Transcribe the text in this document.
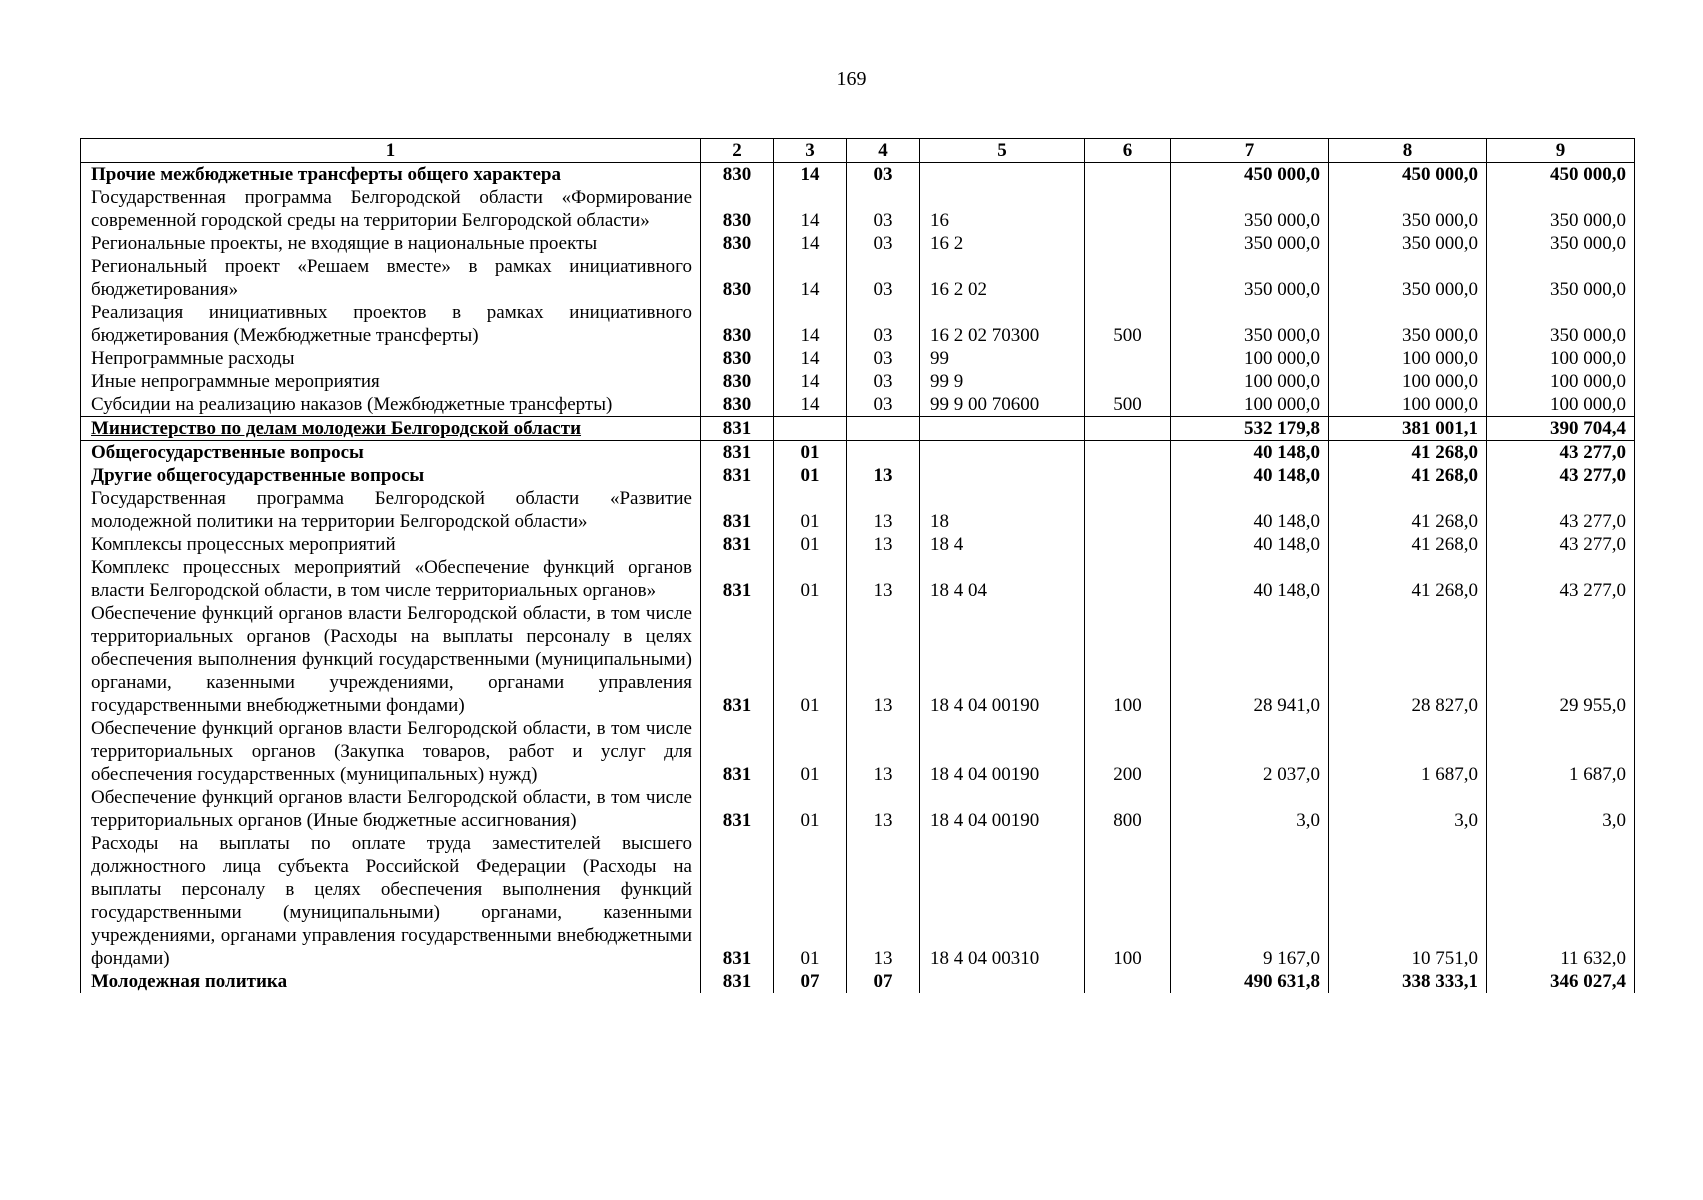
169
1	2	3	4	5	6	7	8	9
Прочие межбюджетные трансферты общего характера	830	14	03			450 000,0	450 000,0	450 000,0
Государственная программа Белгородской области «Формирование современной городской среды на территории Белгородской области»	830	14	03	16		350 000,0	350 000,0	350 000,0
Региональные проекты, не входящие в национальные проекты	830	14	03	16 2		350 000,0	350 000,0	350 000,0
Региональный проект «Решаем вместе» в рамках инициативного бюджетирования»	830	14	03	16 2 02		350 000,0	350 000,0	350 000,0
Реализация инициативных проектов в рамках инициативного бюджетирования (Межбюджетные трансферты)	830	14	03	16 2 02 70300	500	350 000,0	350 000,0	350 000,0
Непрограммные расходы	830	14	03	99		100 000,0	100 000,0	100 000,0
Иные непрограммные мероприятия	830	14	03	99 9		100 000,0	100 000,0	100 000,0
Субсидии на реализацию наказов (Межбюджетные трансферты)	830	14	03	99 9 00 70600	500	100 000,0	100 000,0	100 000,0
Министерство по делам молодежи Белгородской области	831					532 179,8	381 001,1	390 704,4
Общегосударственные вопросы	831	01				40 148,0	41 268,0	43 277,0
Другие общегосударственные вопросы	831	01	13			40 148,0	41 268,0	43 277,0
Государственная программа Белгородской области «Развитие молодежной политики на территории Белгородской области»	831	01	13	18		40 148,0	41 268,0	43 277,0
Комплексы процессных мероприятий	831	01	13	18 4		40 148,0	41 268,0	43 277,0
Комплекс процессных мероприятий «Обеспечение функций органов власти Белгородской области, в том числе территориальных органов»	831	01	13	18 4 04		40 148,0	41 268,0	43 277,0
Обеспечение функций органов власти Белгородской области, в том числе территориальных органов (Расходы на выплаты персоналу в целях обеспечения выполнения функций государственными (муниципальными) органами, казенными учреждениями, органами управления государственными внебюджетными фондами)	831	01	13	18 4 04 00190	100	28 941,0	28 827,0	29 955,0
Обеспечение функций органов власти Белгородской области, в том числе территориальных органов (Закупка товаров, работ и услуг для обеспечения государственных (муниципальных) нужд)	831	01	13	18 4 04 00190	200	2 037,0	1 687,0	1 687,0
Обеспечение функций органов власти Белгородской области, в том числе территориальных органов (Иные бюджетные ассигнования)	831	01	13	18 4 04 00190	800	3,0	3,0	3,0
Расходы на выплаты по оплате труда заместителей высшего должностного лица субъекта Российской Федерации (Расходы на выплаты персоналу в целях обеспечения выполнения функций государственными (муниципальными) органами, казенными учреждениями, органами управления государственными внебюджетными фондами)	831	01	13	18 4 04 00310	100	9 167,0	10 751,0	11 632,0
Молодежная политика	831	07	07			490 631,8	338 333,1	346 027,4
